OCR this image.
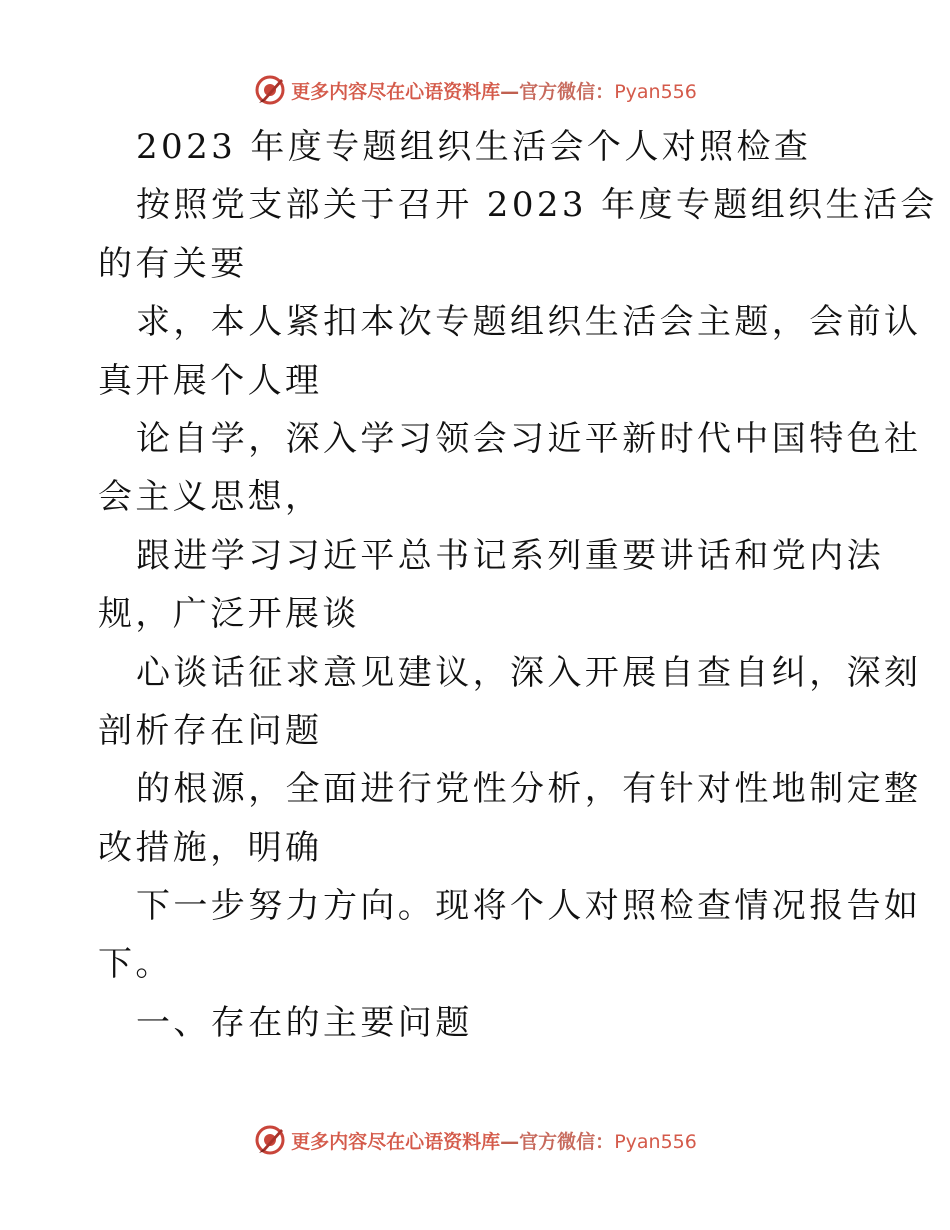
更多内容尽在心语资料库—官方微信：Pyan556
2023 年度专题组织生活会个人对照检查
按照党支部关于召开 2023 年度专题组织生活会
的有关要
求，本人紧扣本次专题组织生活会主题，会前认
真开展个人理
论自学，深入学习领会习近平新时代中国特色社
会主义思想，
跟进学习习近平总书记系列重要讲话和党内法
规，广泛开展谈
心谈话征求意见建议，深入开展自查自纠，深刻
剖析存在问题
的根源，全面进行党性分析，有针对性地制定整
改措施，明确
下一步努力方向。现将个人对照检查情况报告如
下。
一、存在的主要问题
更多内容尽在心语资料库—官方微信：Pyan556
